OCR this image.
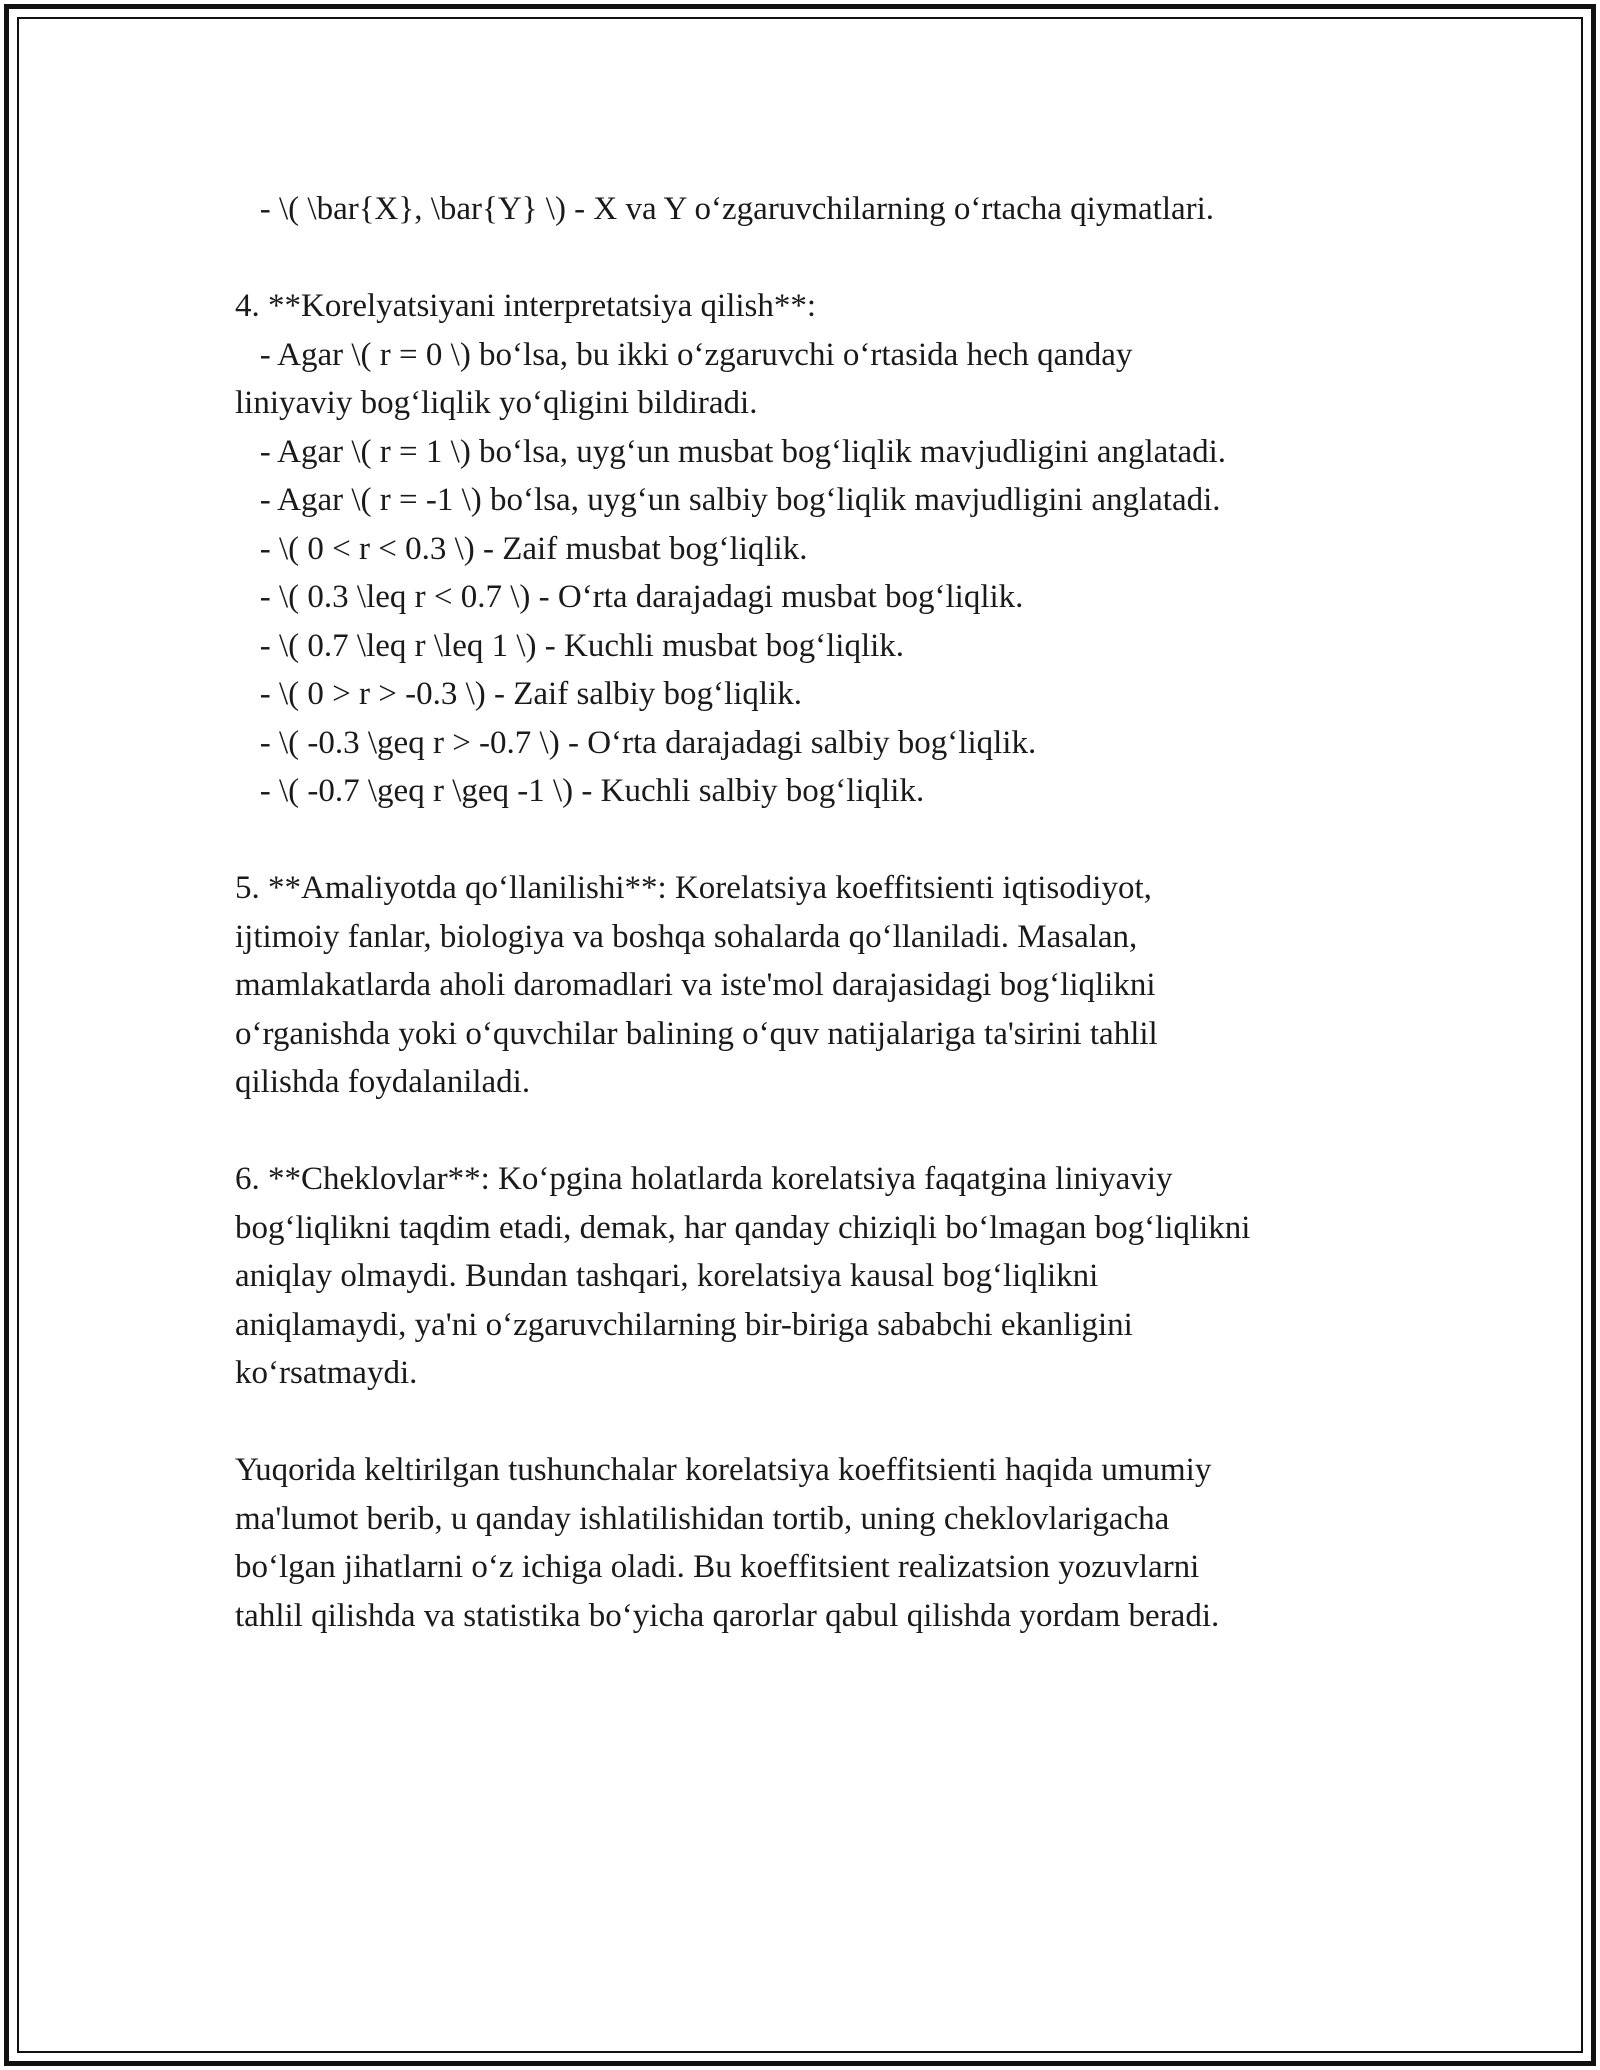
- \( \bar{X}, \bar{Y} \) - X va Y o‘zgaruvchilarning o‘rtacha qiymatlari.
4. **Korelyatsiyani interpretatsiya qilish**:
- Agar \( r = 0 \) bo‘lsa, bu ikki o‘zgaruvchi o‘rtasida hech qanday
liniyaviy bog‘liqlik yo‘qligini bildiradi.
- Agar \( r = 1 \) bo‘lsa, uyg‘un musbat bog‘liqlik mavjudligini anglatadi.
- Agar \( r = -1 \) bo‘lsa, uyg‘un salbiy bog‘liqlik mavjudligini anglatadi.
- \( 0 < r < 0.3 \) - Zaif musbat bog‘liqlik.
- \( 0.3 \leq r < 0.7 \) - O‘rta darajadagi musbat bog‘liqlik.
- \( 0.7 \leq r \leq 1 \) - Kuchli musbat bog‘liqlik.
- \( 0 > r > -0.3 \) - Zaif salbiy bog‘liqlik.
- \( -0.3 \geq r > -0.7 \) - O‘rta darajadagi salbiy bog‘liqlik.
- \( -0.7 \geq r \geq -1 \) - Kuchli salbiy bog‘liqlik.
5. **Amaliyotda qo‘llanilishi**: Korelatsiya koeffitsienti iqtisodiyot,
ijtimoiy fanlar, biologiya va boshqa sohalarda qo‘llaniladi. Masalan,
mamlakatlarda aholi daromadlari va iste'mol darajasidagi bog‘liqlikni
o‘rganishda yoki o‘quvchilar balining o‘quv natijalariga ta'sirini tahlil
qilishda foydalaniladi.
6. **Cheklovlar**: Ko‘pgina holatlarda korelatsiya faqatgina liniyaviy
bog‘liqlikni taqdim etadi, demak, har qanday chiziqli bo‘lmagan bog‘liqlikni
aniqlay olmaydi. Bundan tashqari, korelatsiya kausal bog‘liqlikni
aniqlamaydi, ya'ni o‘zgaruvchilarning bir-biriga sababchi ekanligini
ko‘rsatmaydi.
Yuqorida keltirilgan tushunchalar korelatsiya koeffitsienti haqida umumiy
ma'lumot berib, u qanday ishlatilishidan tortib, uning cheklovlarigacha
bo‘lgan jihatlarni o‘z ichiga oladi. Bu koeffitsient realizatsion yozuvlarni
tahlil qilishda va statistika bo‘yicha qarorlar qabul qilishda yordam beradi.
